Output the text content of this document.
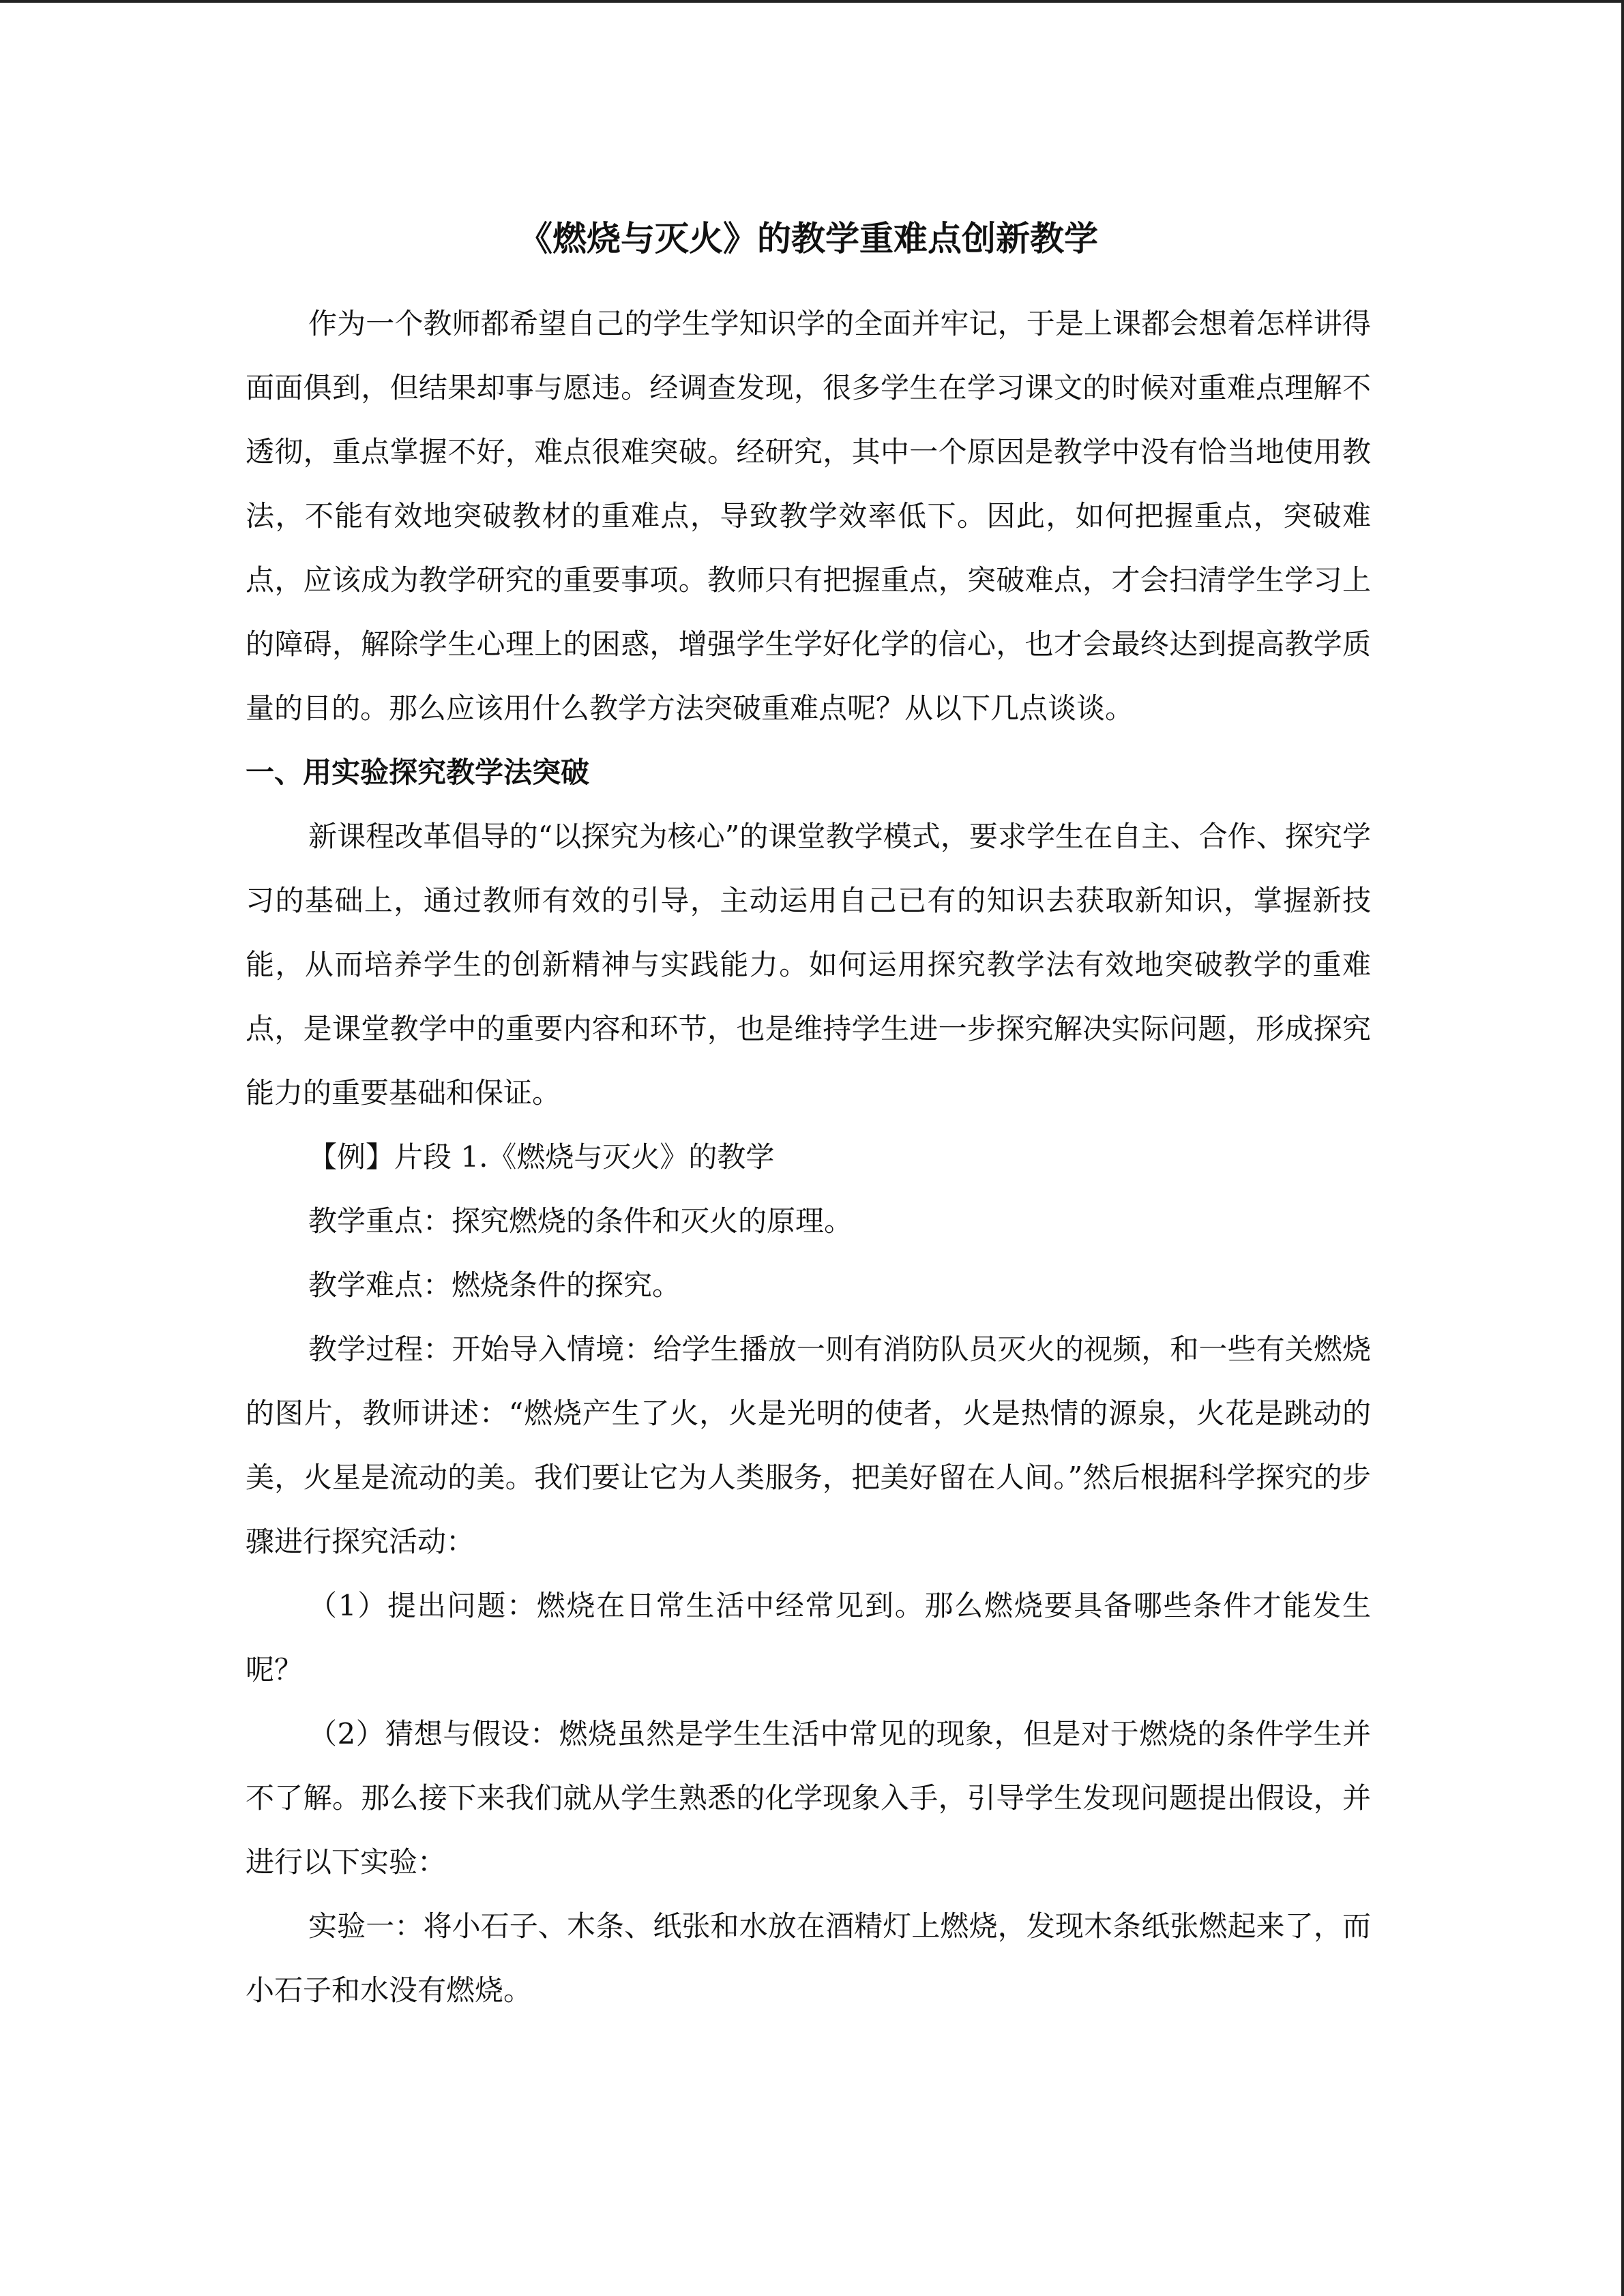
《燃烧与灭火》的教学重难点创新教学

作为一个教师都希望自己的学生学知识学的全面并牢记，于是上课都会想着怎样讲得面面俱到，但结果却事与愿违。经调查发现，很多学生在学习课文的时候对重难点理解不透彻，重点掌握不好，难点很难突破。经研究，其中一个原因是教学中没有恰当地使用教法，不能有效地突破教材的重难点，导致教学效率低下。因此，如何把握重点，突破难点，应该成为教学研究的重要事项。教师只有把握重点，突破难点，才会扫清学生学习上的障碍，解除学生心理上的困惑，增强学生学好化学的信心，也才会最终达到提高教学质量的目的。那么应该用什么教学方法突破重难点呢？从以下几点谈谈。

一、用实验探究教学法突破

新课程改革倡导的“以探究为核心”的课堂教学模式，要求学生在自主、合作、探究学习的基础上，通过教师有效的引导，主动运用自己已有的知识去获取新知识，掌握新技能，从而培养学生的创新精神与实践能力。如何运用探究教学法有效地突破教学的重难点，是课堂教学中的重要内容和环节，也是维持学生进一步探究解决实际问题，形成探究能力的重要基础和保证。

【例】片段 1.《燃烧与灭火》的教学

教学重点：探究燃烧的条件和灭火的原理。

教学难点：燃烧条件的探究。

教学过程：开始导入情境：给学生播放一则有消防队员灭火的视频，和一些有关燃烧的图片，教师讲述：“燃烧产生了火，火是光明的使者，火是热情的源泉，火花是跳动的美，火星是流动的美。我们要让它为人类服务，把美好留在人间。”然后根据科学探究的步骤进行探究活动：

（1）提出问题：燃烧在日常生活中经常见到。那么燃烧要具备哪些条件才能发生呢？

（2）猜想与假设：燃烧虽然是学生生活中常见的现象，但是对于燃烧的条件学生并不了解。那么接下来我们就从学生熟悉的化学现象入手，引导学生发现问题提出假设，并进行以下实验：

实验一：将小石子、木条、纸张和水放在酒精灯上燃烧，发现木条纸张燃起来了，而小石子和水没有燃烧。
